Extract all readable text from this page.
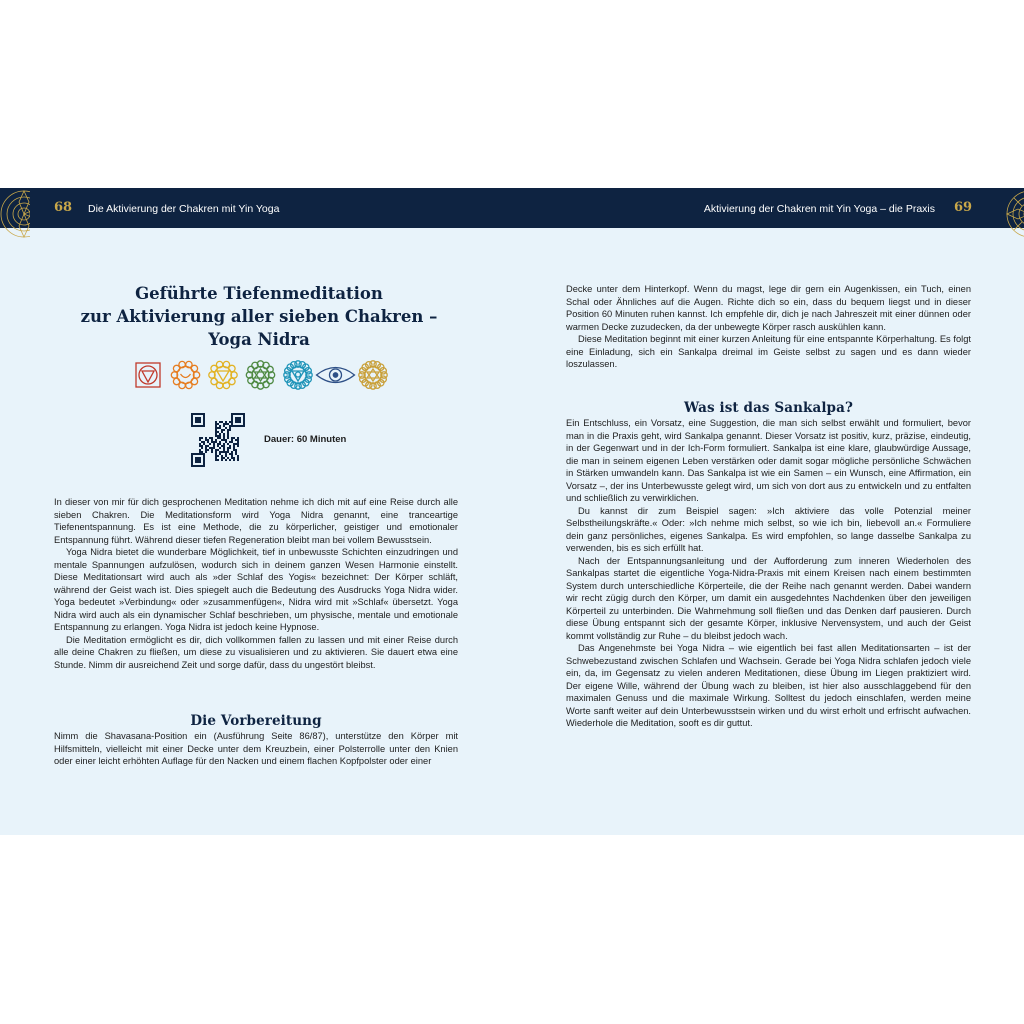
68 Die Aktivierung der Chakren mit Yin Yoga	Aktivierung der Chakren mit Yin Yoga – die Praxis 69
Geführte Tiefenmeditation
zur Aktivierung aller sieben Chakren –
Yoga Nidra
Dauer: 60 Minuten

In dieser von mir für dich gesprochenen Meditation nehme ich dich mit auf eine Reise durch alle sieben Chakren. Die Meditationsform wird Yoga Nidra genannt, eine tranceartige Tiefenentspannung. Es ist eine Methode, die zu körperlicher, geistiger und emotionaler Entspannung führt. Während dieser tiefen Regeneration bleibt man bei vollem Bewusstsein.

Yoga Nidra bietet die wunderbare Möglichkeit, tief in unbewusste Schichten einzudringen und mentale Spannungen aufzulösen, wodurch sich in deinem ganzen Wesen Harmonie einstellt. Diese Meditationsart wird auch als »der Schlaf des Yogis« bezeichnet: Der Körper schläft, während der Geist wach ist. Dies spiegelt auch die Bedeutung des Ausdrucks Yoga Nidra wider. Yoga bedeutet »Verbindung« oder »zusammenfügen«, Nidra wird mit »Schlaf« übersetzt. Yoga Nidra wird auch als ein dynamischer Schlaf beschrieben, um physische, mentale und emotionale Entspannung zu erlangen. Yoga Nidra ist jedoch keine Hypnose.

Die Meditation ermöglicht es dir, dich vollkommen fallen zu lassen und mit einer Reise durch alle deine Chakren zu fließen, um diese zu visualisieren und zu aktivieren. Sie dauert etwa eine Stunde. Nimm dir ausreichend Zeit und sorge dafür, dass du ungestört bleibst.

Die Vorbereitung

Nimm die Shavasana-Position ein (Ausführung Seite 86/87), unterstütze den Körper mit Hilfsmitteln, vielleicht mit einer Decke unter dem Kreuzbein, einer Polsterrolle unter den Knien oder einer leicht erhöhten Auflage für den Nacken und einem flachen Kopfpolster oder einer

Decke unter dem Hinterkopf. Wenn du magst, lege dir gern ein Augenkissen, ein Tuch, einen Schal oder Ähnliches auf die Augen. Richte dich so ein, dass du bequem liegst und in dieser Position 60 Minuten ruhen kannst. Ich empfehle dir, dich je nach Jahreszeit mit einer dünnen oder warmen Decke zuzudecken, da der unbewegte Körper rasch auskühlen kann.

Diese Meditation beginnt mit einer kurzen Anleitung für eine entspannte Körperhaltung. Es folgt eine Einladung, sich ein Sankalpa dreimal im Geiste selbst zu sagen und es dann wieder loszulassen.

Was ist das Sankalpa?

Ein Entschluss, ein Vorsatz, eine Suggestion, die man sich selbst erwählt und formuliert, bevor man in die Praxis geht, wird Sankalpa genannt. Dieser Vorsatz ist positiv, kurz, präzise, eindeutig, in der Gegenwart und in der Ich-Form formuliert. Sankalpa ist eine klare, glaubwürdige Aussage, die man in seinem eigenen Leben verstärken oder damit sogar mögliche persönliche Schwächen in Stärken umwandeln kann. Das Sankalpa ist wie ein Samen – ein Wunsch, eine Affirmation, ein Vorsatz –, der ins Unterbewusste gelegt wird, um sich von dort aus zu entwickeln und zu entfalten und schließlich zu verwirklichen.

Du kannst dir zum Beispiel sagen: »Ich aktiviere das volle Potenzial meiner Selbstheilungskräfte.« Oder: »Ich nehme mich selbst, so wie ich bin, liebevoll an.« Formuliere dein ganz persönliches, eigenes Sankalpa. Es wird empfohlen, so lange dasselbe Sankalpa zu verwenden, bis es sich erfüllt hat.

Nach der Entspannungsanleitung und der Aufforderung zum inneren Wiederholen des Sankalpas startet die eigentliche Yoga-Nidra-Praxis mit einem Kreisen nach einem bestimmten System durch unterschiedliche Körperteile, die der Reihe nach genannt werden. Dabei wandern wir recht zügig durch den Körper, um damit ein ausgedehntes Nachdenken über den jeweiligen Körperteil zu unterbinden. Die Wahrnehmung soll fließen und das Denken darf pausieren. Durch diese Übung entspannt sich der gesamte Körper, inklusive Nervensystem, und auch der Geist kommt vollständig zur Ruhe – du bleibst jedoch wach.

Das Angenehmste bei Yoga Nidra – wie eigentlich bei fast allen Meditationsarten – ist der Schwebezustand zwischen Schlafen und Wachsein. Gerade bei Yoga Nidra schlafen jedoch viele ein, da, im Gegensatz zu vielen anderen Meditationen, diese Übung im Liegen praktiziert wird. Der eigene Wille, während der Übung wach zu bleiben, ist hier also ausschlaggebend für den maximalen Genuss und die maximale Wirkung. Solltest du jedoch einschlafen, werden meine Worte sanft weiter auf dein Unterbewusstsein wirken und du wirst erholt und erfrischt aufwachen. Wiederhole die Meditation, sooft es dir guttut.
